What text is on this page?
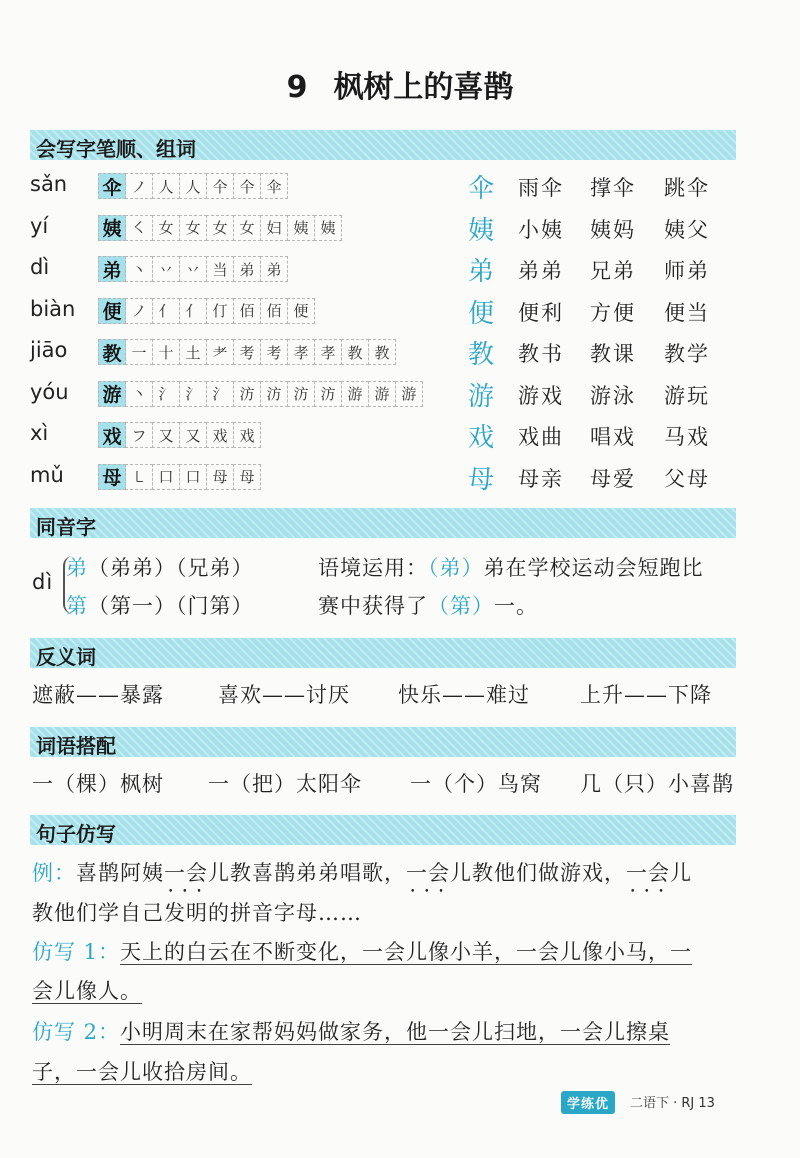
9 枫树上的喜鹊
会写字笔顺、组词
sǎn 伞 ノ 人 人 仐 仐 伞	伞 雨伞 撑伞 跳伞
yí	姨 ㇛ 女 女 女 女 妇 姨 姨	姨 小姨 姨妈 姨父
dì	弟 丶 丷 丷 当 弟 弟	弟 弟弟 兄弟 师弟
biàn 便 ノ 亻 亻 仃 佰 佰 便	便 便利 方便 便当
jiāo 教 一 十 土 耂 考 考 孝 孝 教 教	教 教书 教课 教学
yóu 游 丶 氵 氵 氵 汸 汸 汸 汸 游 游 游 游 游戏 游泳 游玩
xì	戏 フ 又 又 戏 戏	戏 戏曲 唱戏 马戏
mǔ 母 ㇄ 口 口 母 母	母 母亲 母爱 父母
同音字
dì
弟（弟弟）（兄弟）
第（第一）（门第）
语境运用：（弟）弟在学校运动会短跑比
赛中获得了（第）一。
反义词
遮蔽——暴露	喜欢——讨厌 快乐——难过 上升——下降
词语搭配
一（棵）枫树 一（把）太阳伞 一（个）鸟窝 几（只）小喜鹊
句子仿写
例：喜鹊阿姨一会儿 • • •教喜鹊弟弟唱歌，一会儿 • • •教他们做游戏，一会儿 • • •
教他们学自己发明的拼音字母……
仿写 1：天上的白云在不断变化，一会儿像小羊，一会儿像小马，一
会儿像人。
仿写 2：小明周末在家帮妈妈做家务，他一会儿扫地，一会儿擦桌
子，一会儿收拾房间。
学练优	二语下 · RJ 13
